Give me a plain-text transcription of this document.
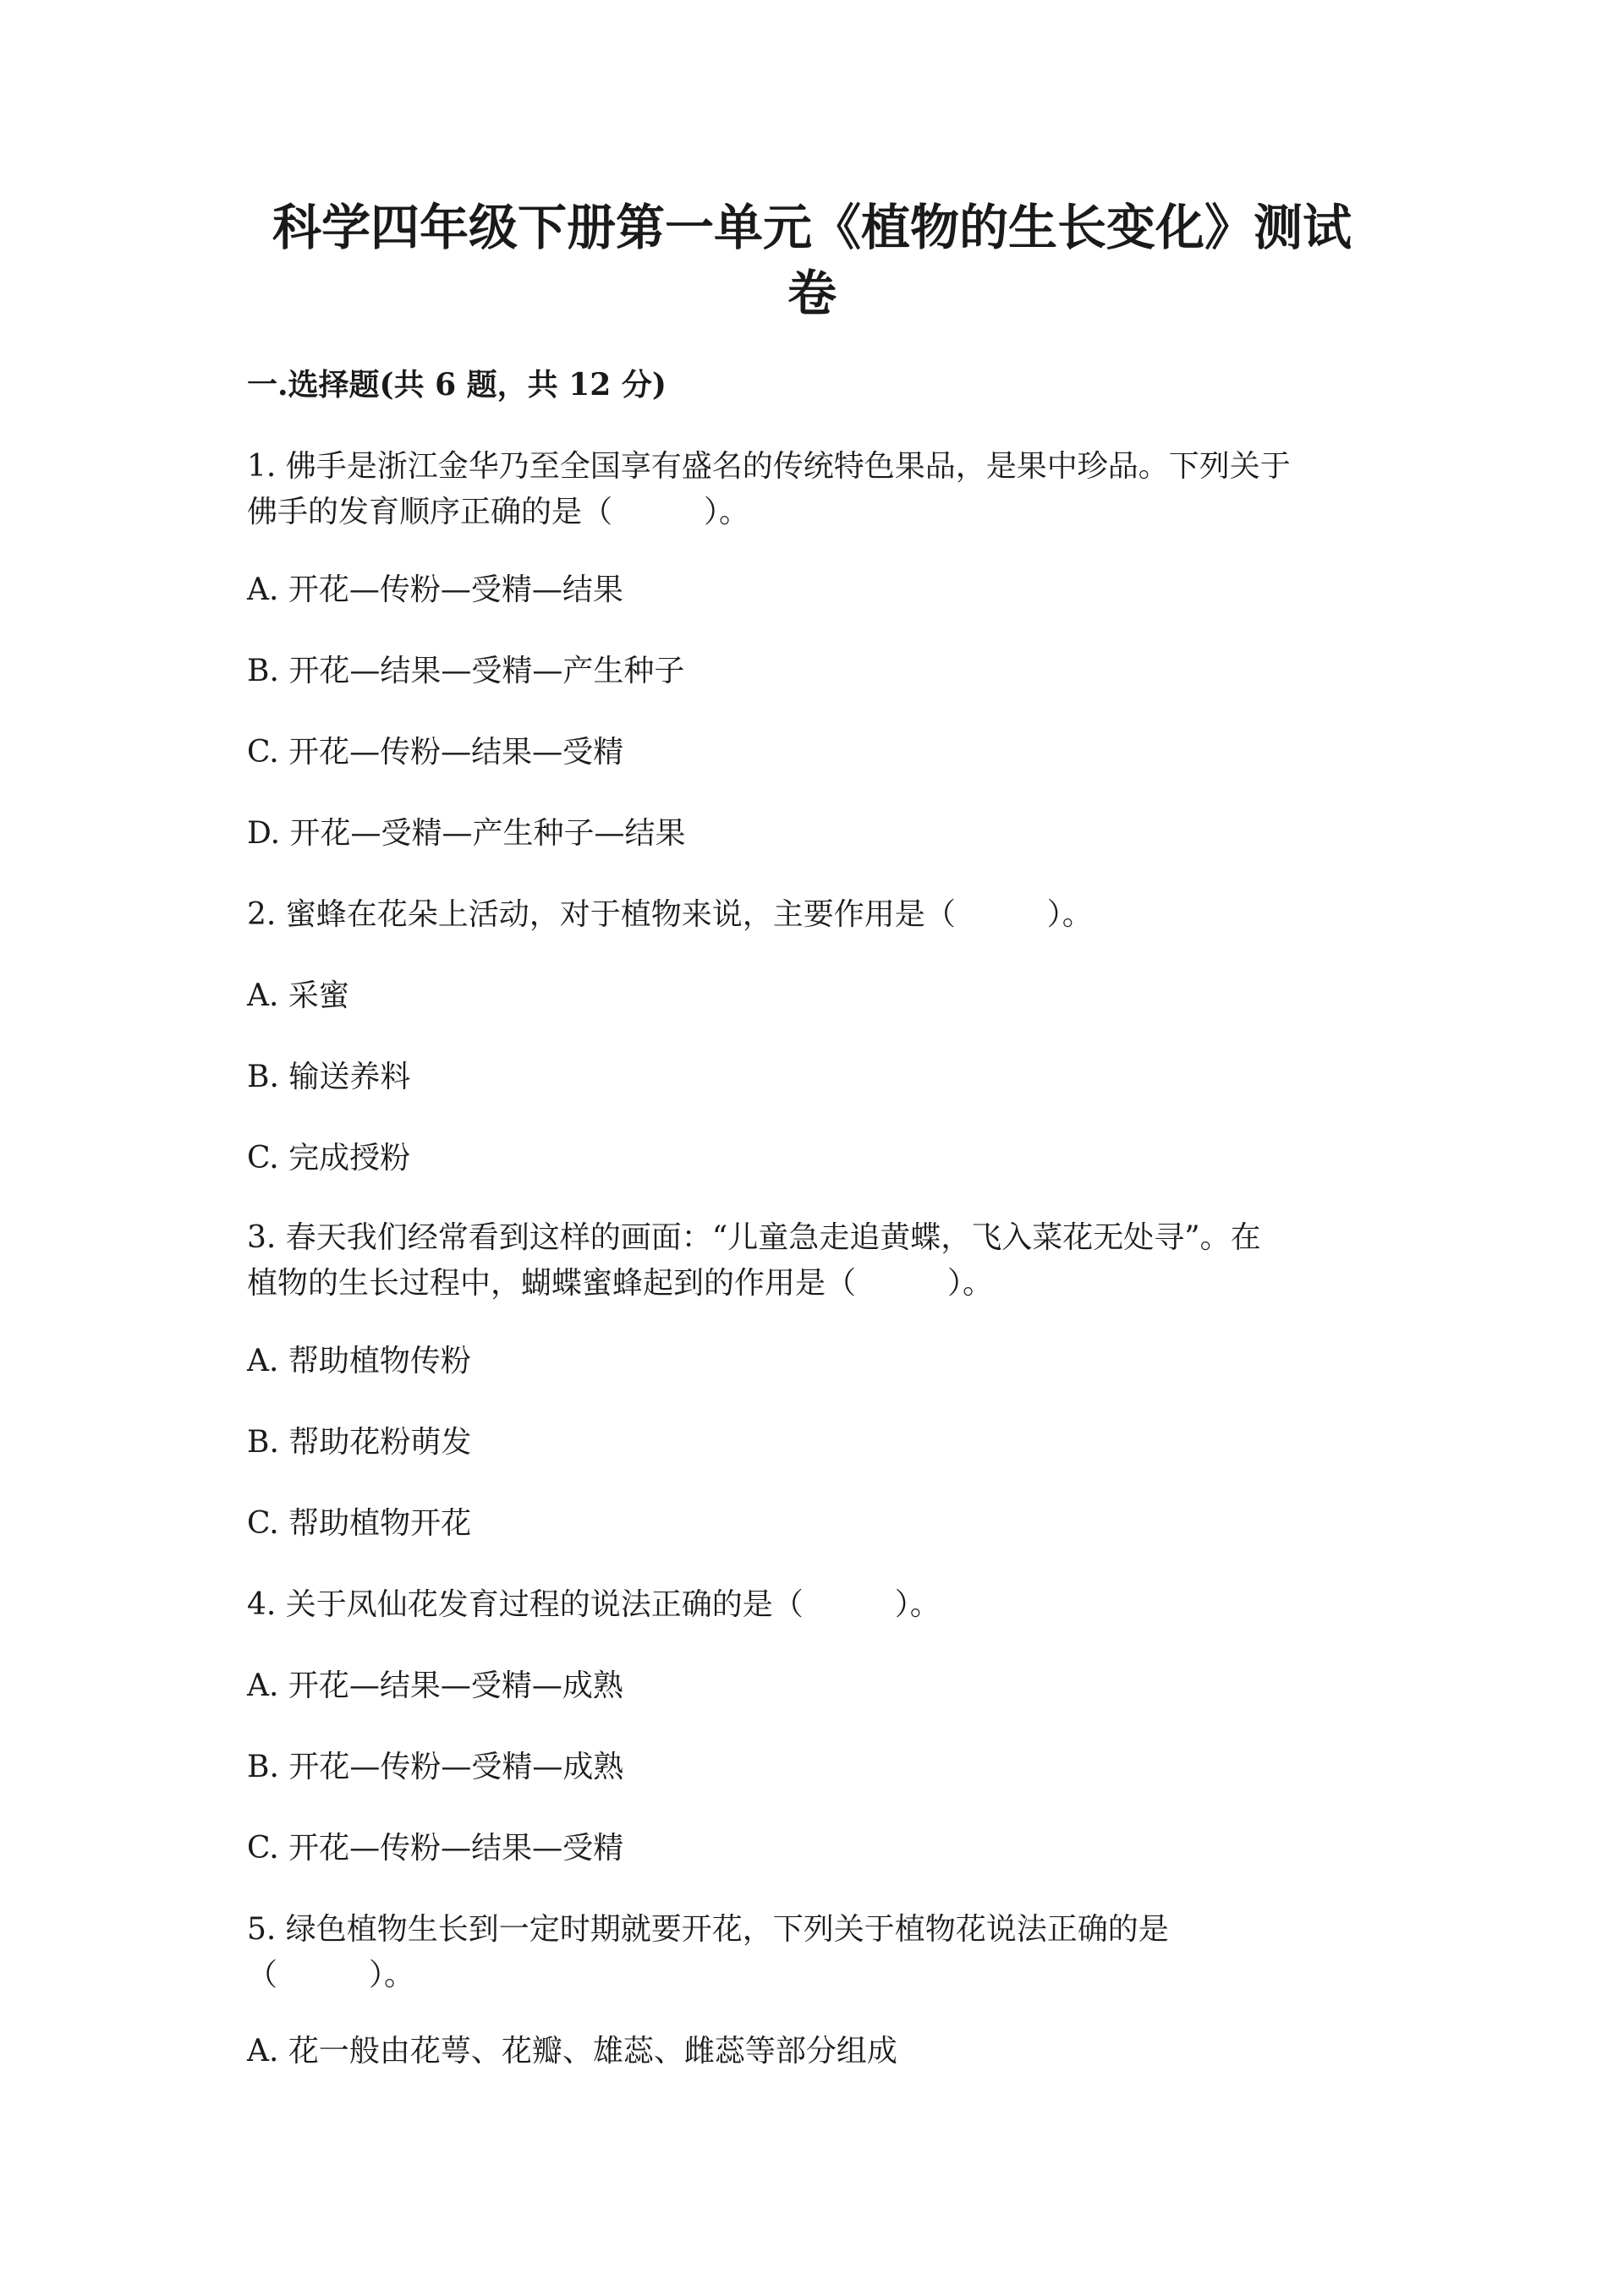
科学四年级下册第一单元《植物的生长变化》测试
卷
一.选择题(共 6 题，共 12 分)

1. 佛手是浙江金华乃至全国享有盛名的传统特色果品，是果中珍品。下列关于

佛手的发育顺序正确的是（　　　）。

A. 开花—传粉—受精—结果

B. 开花—结果—受精—产生种子

C. 开花—传粉—结果—受精

D. 开花—受精—产生种子—结果

2. 蜜蜂在花朵上活动，对于植物来说，主要作用是（　　　）。

A. 采蜜

B. 输送养料

C. 完成授粉

3. 春天我们经常看到这样的画面：“儿童急走追黄蝶，飞入菜花无处寻”。在

植物的生长过程中，蝴蝶蜜蜂起到的作用是（　　　）。

A. 帮助植物传粉

B. 帮助花粉萌发

C. 帮助植物开花

4. 关于凤仙花发育过程的说法正确的是（　　　）。

A. 开花—结果—受精—成熟

B. 开花—传粉—受精—成熟

C. 开花—传粉—结果—受精

5. 绿色植物生长到一定时期就要开花，下列关于植物花说法正确的是

（　　　）。

A. 花一般由花萼、花瓣、雄蕊、雌蕊等部分组成
